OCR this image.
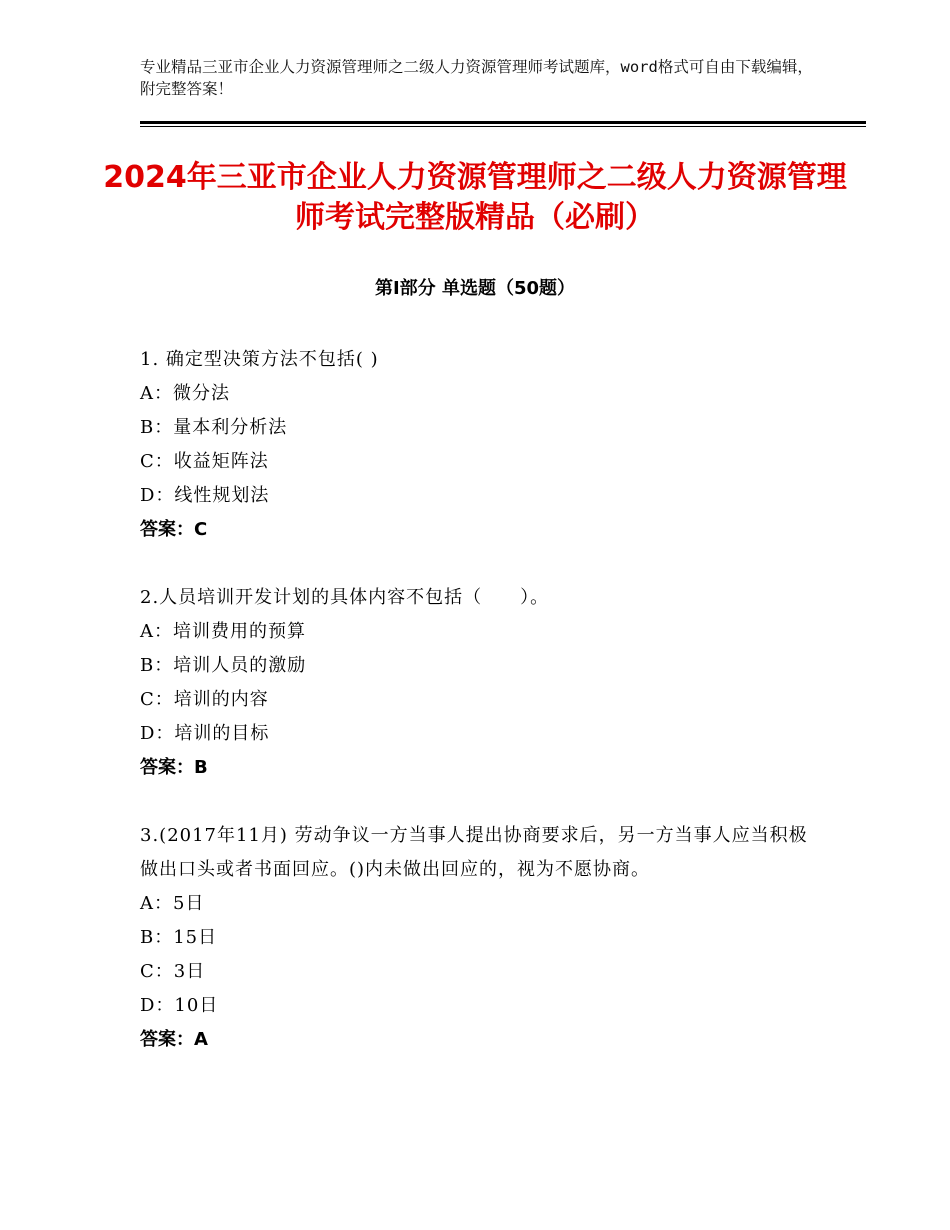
专业精品三亚市企业人力资源管理师之二级人力资源管理师考试题库，word格式可自由下载编辑，附完整答案！
2024年三亚市企业人力资源管理师之二级人力资源管理师考试完整版精品（必刷）
第Ⅰ部分 单选题（50题）
1. 确定型决策方法不包括( )
A：微分法
B：量本利分析法
C：收益矩阵法
D：线性规划法
答案：C
2.人员培训开发计划的具体内容不包括（　　）。
A：培训费用的预算
B：培训人员的激励
C：培训的内容
D：培训的目标
答案：B
3.(2017年11月) 劳动争议一方当事人提出协商要求后，另一方当事人应当积极做出口头或者书面回应。()内未做出回应的，视为不愿协商。
A：5日
B：15日
C：3日
D：10日
答案：A
